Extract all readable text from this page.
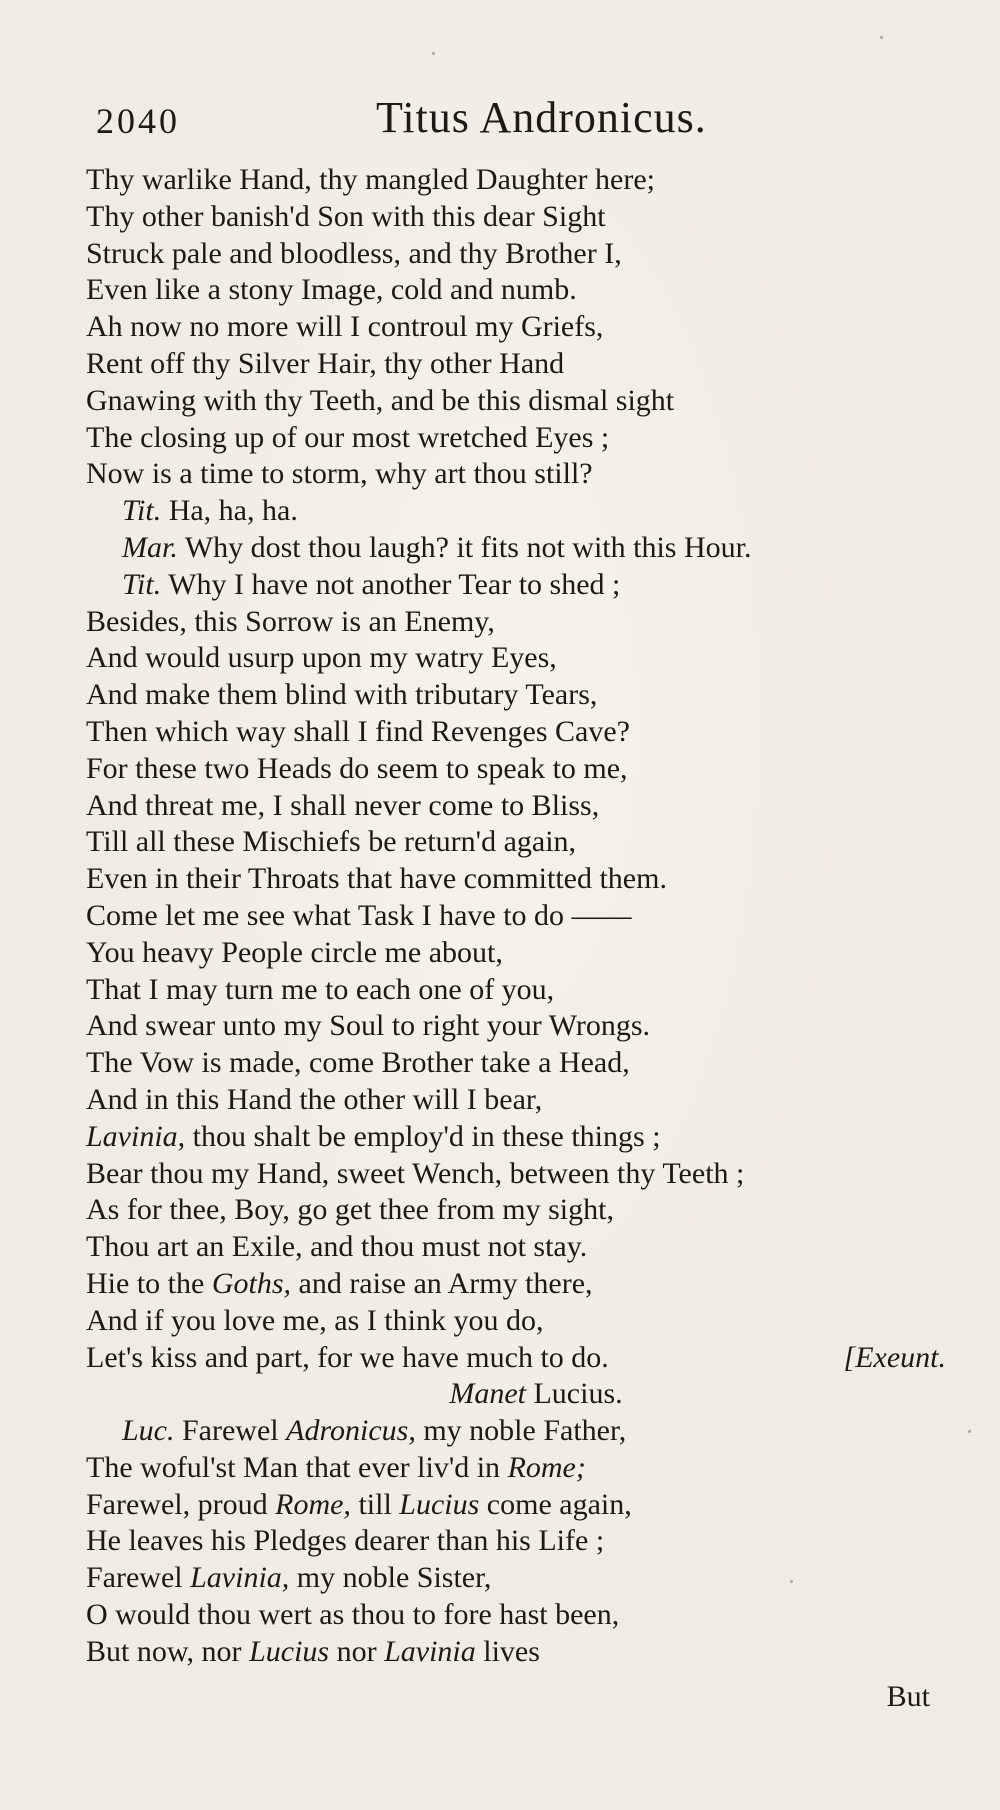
2040	Titus Andronicus.
Thy warlike Hand, thy mangled Daughter here;
Thy other banish'd Son with this dear Sight
Struck pale and bloodless, and thy Brother I,
Even like a stony Image, cold and numb.
Ah now no more will I controul my Griefs,
Rent off thy Silver Hair, thy other Hand
Gnawing with thy Teeth, and be this dismal sight
The closing up of our most wretched Eyes ;
Now is a time to storm, why art thou still?
Tit. Ha, ha, ha.
Mar. Why dost thou laugh? it fits not with this Hour.
Tit. Why I have not another Tear to shed ;
Besides, this Sorrow is an Enemy,
And would usurp upon my watry Eyes,
And make them blind with tributary Tears,
Then which way shall I find Revenges Cave?
For these two Heads do seem to speak to me,
And threat me, I shall never come to Bliss,
Till all these Mischiefs be return'd again,
Even in their Throats that have committed them.
Come let me see what Task I have to do ——
You heavy People circle me about,
That I may turn me to each one of you,
And swear unto my Soul to right your Wrongs.
The Vow is made, come Brother take a Head,
And in this Hand the other will I bear,
Lavinia, thou shalt be employ'd in these things ;
Bear thou my Hand, sweet Wench, between thy Teeth ;
As for thee, Boy, go get thee from my sight,
Thou art an Exile, and thou must not stay.
Hie to the Goths, and raise an Army there,
And if you love me, as I think you do,
Let's kiss and part, for we have much to do.	[Exeunt.
Manet Lucius.
Luc. Farewel Adronicus, my noble Father,
The woful'st Man that ever liv'd in Rome;
Farewel, proud Rome, till Lucius come again,
He leaves his Pledges dearer than his Life ;
Farewel Lavinia, my noble Sister,
O would thou wert as thou to fore hast been,
But now, nor Lucius nor Lavinia lives
But
